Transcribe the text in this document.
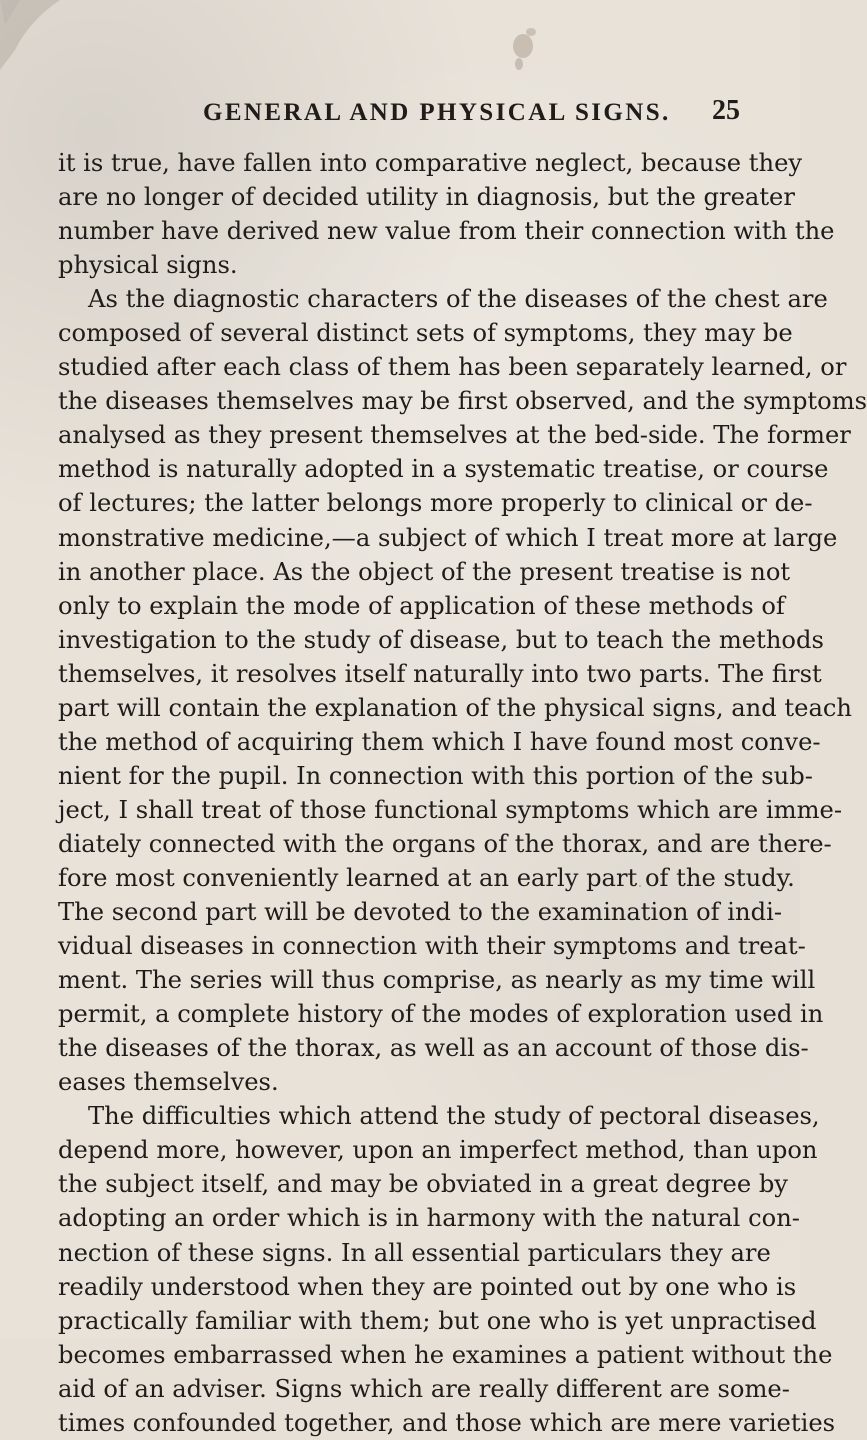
GENERAL AND PHYSICAL SIGNS.	25
it is true, have fallen into comparative neglect, because they
are no longer of decided utility in diagnosis, but the greater
number have derived new value from their connection with the
physical signs.
As the diagnostic characters of the diseases of the chest are
composed of several distinct sets of symptoms, they may be
studied after each class of them has been separately learned, or
the diseases themselves may be first observed, and the symptoms
analysed as they present themselves at the bed-side. The former
method is naturally adopted in a systematic treatise, or course
of lectures; the latter belongs more properly to clinical or de-
monstrative medicine,—a subject of which I treat more at large
in another place. As the object of the present treatise is not
only to explain the mode of application of these methods of
investigation to the study of disease, but to teach the methods
themselves, it resolves itself naturally into two parts. The first
part will contain the explanation of the physical signs, and teach
the method of acquiring them which I have found most conve-
nient for the pupil. In connection with this portion of the sub-
ject, I shall treat of those functional symptoms which are imme-
diately connected with the organs of the thorax, and are there-
fore most conveniently learned at an early part of the study.
The second part will be devoted to the examination of indi-
vidual diseases in connection with their symptoms and treat-
ment. The series will thus comprise, as nearly as my time will
permit, a complete history of the modes of exploration used in
the diseases of the thorax, as well as an account of those dis-
eases themselves.
The difficulties which attend the study of pectoral diseases,
depend more, however, upon an imperfect method, than upon
the subject itself, and may be obviated in a great degree by
adopting an order which is in harmony with the natural con-
nection of these signs. In all essential particulars they are
readily understood when they are pointed out by one who is
practically familiar with them; but one who is yet unpractised
becomes embarrassed when he examines a patient without the
aid of an adviser. Signs which are really different are some-
times confounded together, and those which are mere varieties
